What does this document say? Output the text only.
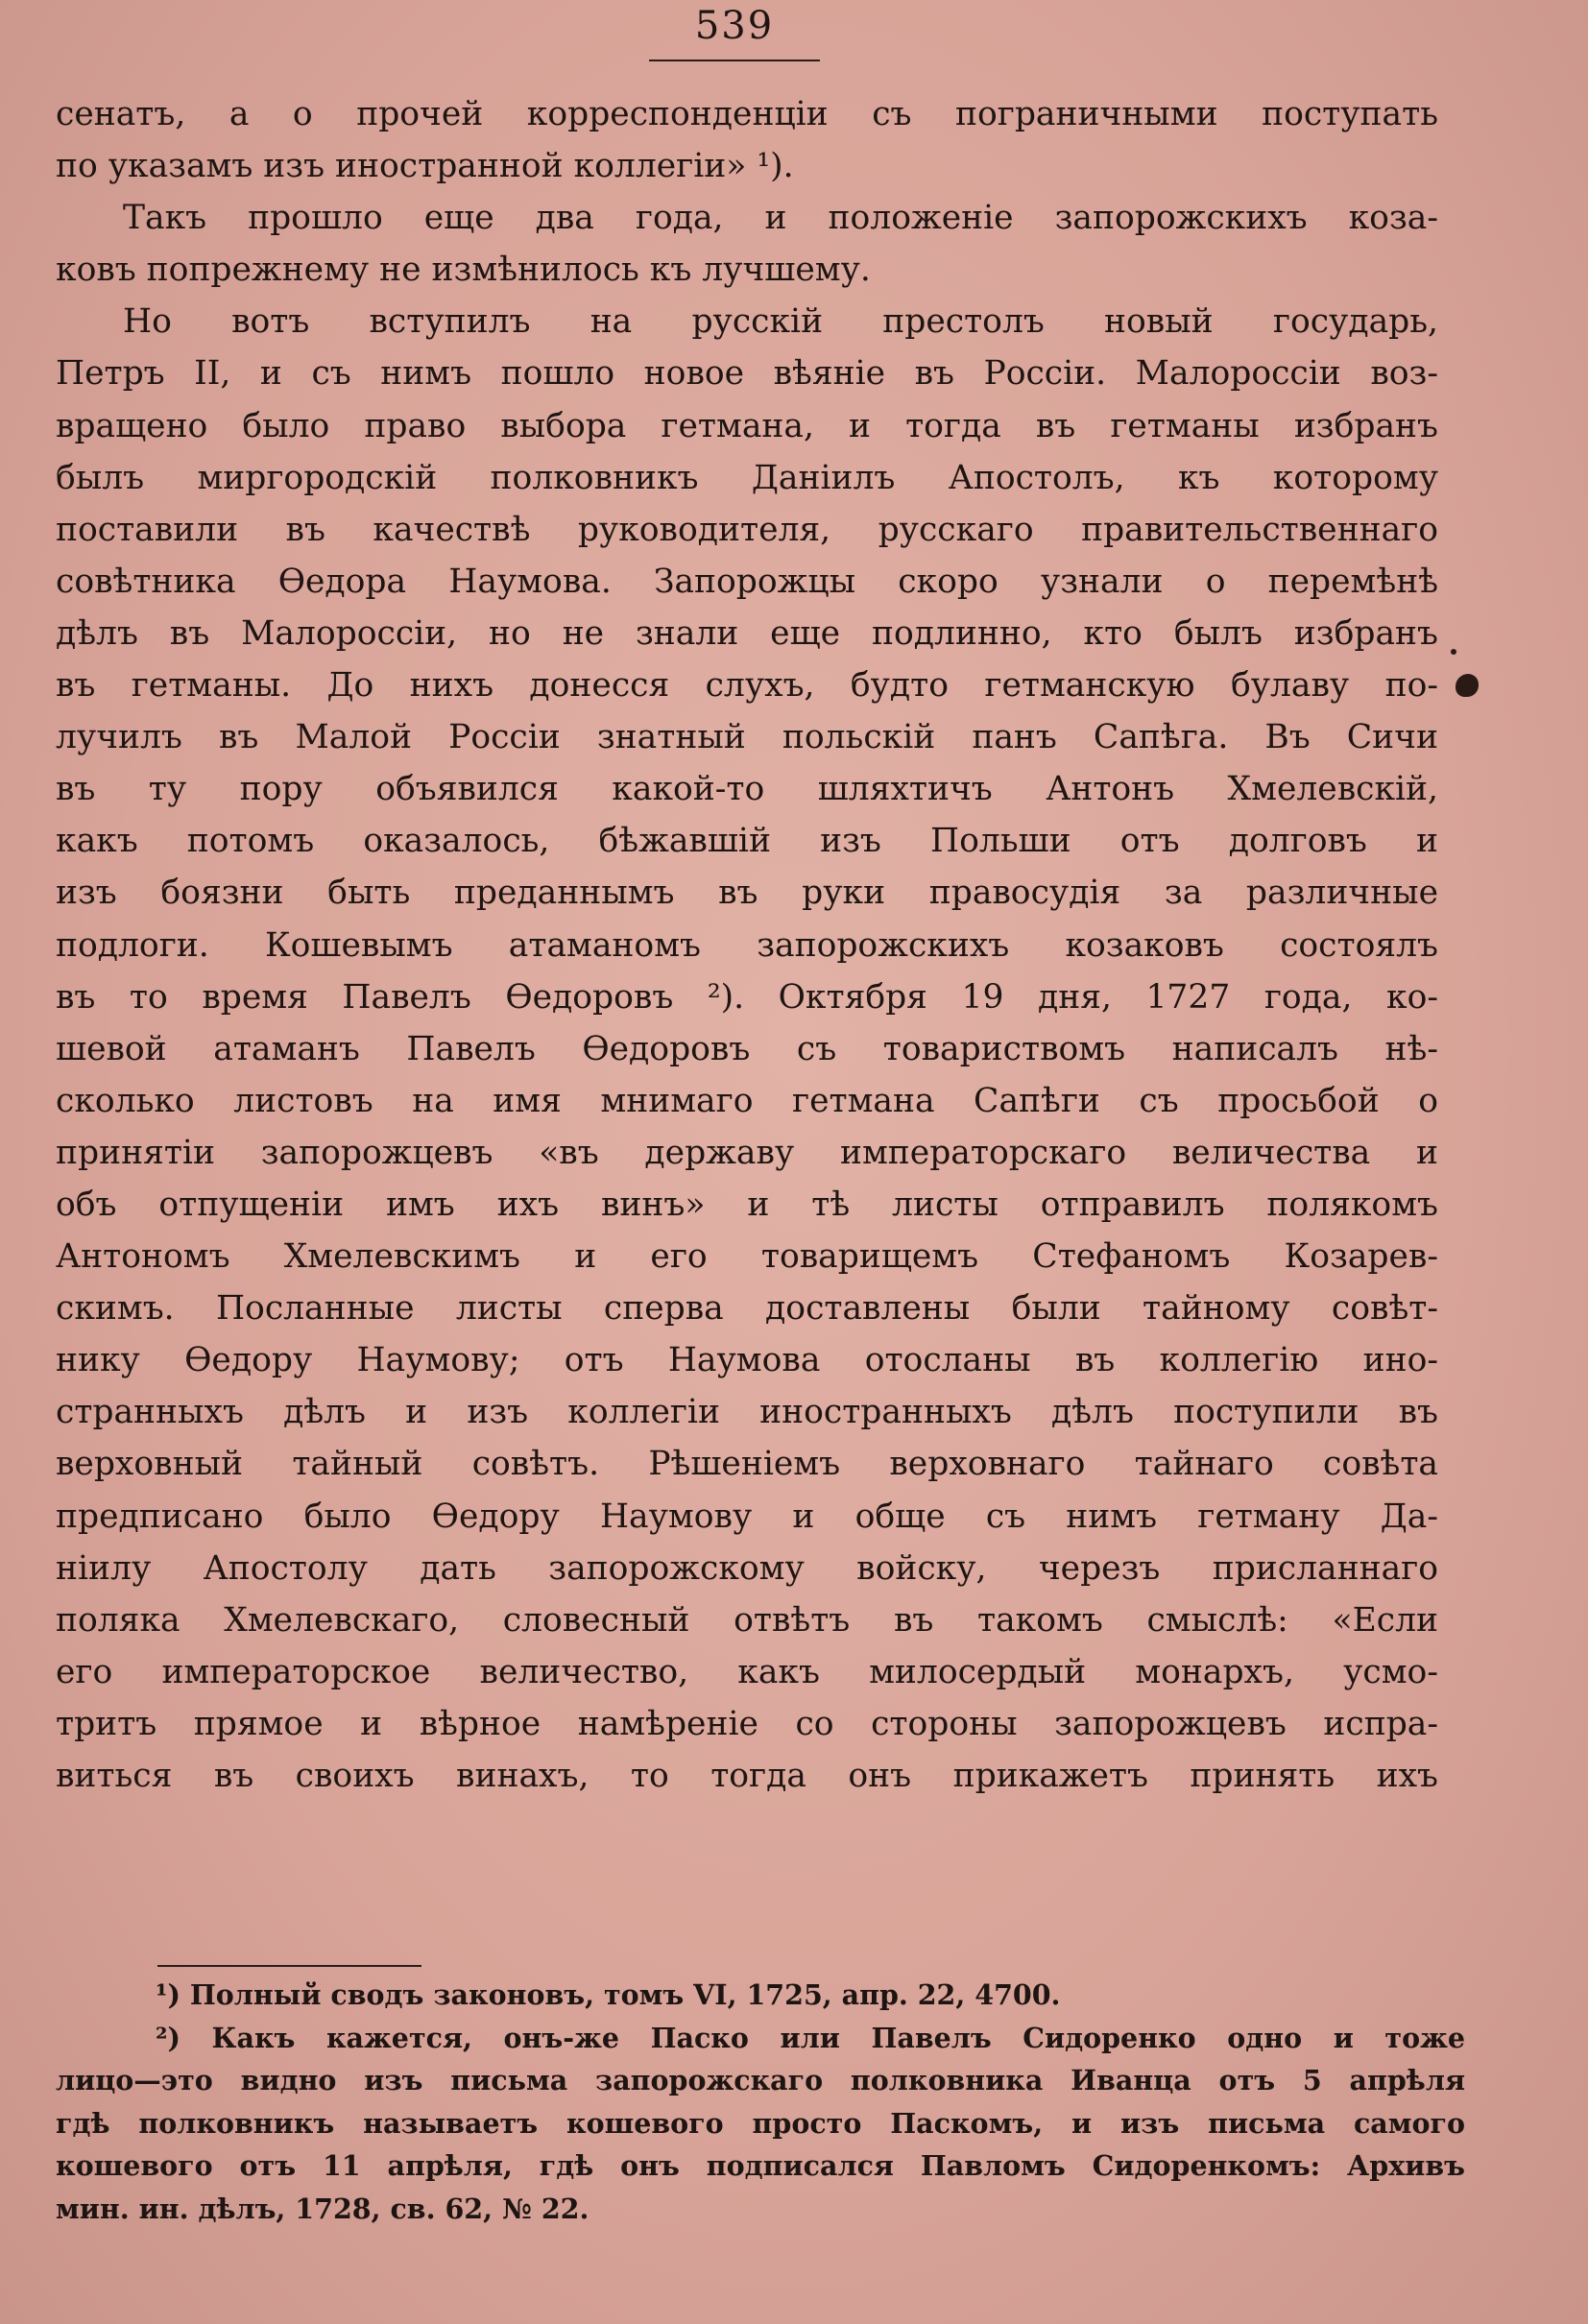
539
сенатъ, а о прочей корреспонденціи съ пограничными поступать
по указамъ изъ иностранной коллегіи» ¹).
Такъ прошло еще два года, и положеніе запорожскихъ коза-
ковъ попрежнему не измѣнилось къ лучшему.
Но вотъ вступилъ на русскій престолъ новый государь,
Петръ II, и съ нимъ пошло новое вѣяніе въ Россіи. Малороссіи воз-
вращено было право выбора гетмана, и тогда въ гетманы избранъ
былъ миргородскій полковникъ Даніилъ Апостолъ, къ которому
поставили въ качествѣ руководителя, русскаго правительственнаго
совѣтника Ѳедора Наумова. Запорожцы скоро узнали о перемѣнѣ
дѣлъ въ Малороссіи, но не знали еще подлинно, кто былъ избранъ
въ гетманы. До нихъ донесся слухъ, будто гетманскую булаву по-
лучилъ въ Малой Россіи знатный польскій панъ Сапѣга. Въ Сичи
въ ту пору объявился какой-то шляхтичъ Антонъ Хмелевскій,
какъ потомъ оказалось, бѣжавшій изъ Польши отъ долговъ и
изъ боязни быть преданнымъ въ руки правосудія за различные
подлоги. Кошевымъ атаманомъ запорожскихъ козаковъ состоялъ
въ то время Павелъ Ѳедоровъ ²). Октября 19 дня, 1727 года, ко-
шевой атаманъ Павелъ Ѳедоровъ съ товариствомъ написалъ нѣ-
сколько листовъ на имя мнимаго гетмана Сапѣги съ просьбой о
принятіи запорожцевъ «въ державу императорскаго величества и
объ отпущеніи имъ ихъ винъ» и тѣ листы отправилъ полякомъ
Антономъ Хмелевскимъ и его товарищемъ Стефаномъ Козарев-
скимъ. Посланные листы сперва доставлены были тайному совѣт-
нику Ѳедору Наумову; отъ Наумова отосланы въ коллегію ино-
странныхъ дѣлъ и изъ коллегіи иностранныхъ дѣлъ поступили въ
верховный тайный совѣтъ. Рѣшеніемъ верховнаго тайнаго совѣта
предписано было Ѳедору Наумову и обще съ нимъ гетману Да-
ніилу Апостолу дать запорожскому войску, черезъ присланнаго
поляка Хмелевскаго, словесный отвѣтъ въ такомъ смыслѣ: «Если
его императорское величество, какъ милосердый монархъ, усмо-
тритъ прямое и вѣрное намѣреніе со стороны запорожцевъ испра-
виться въ своихъ винахъ, то тогда онъ прикажетъ принять ихъ
¹) Полный сводъ законовъ, томъ VI, 1725, апр. 22, 4700.
²) Какъ кажется, онъ-же Паско или Павелъ Сидоренко одно и тоже
лицо—это видно изъ письма запорожскаго полковника Иванца отъ 5 апрѣля
гдѣ полковникъ называетъ кошевого просто Паскомъ, и изъ письма самого
кошевого отъ 11 апрѣля, гдѣ онъ подписался Павломъ Сидоренкомъ: Архивъ
мин. ин. дѣлъ, 1728, св. 62, № 22.
